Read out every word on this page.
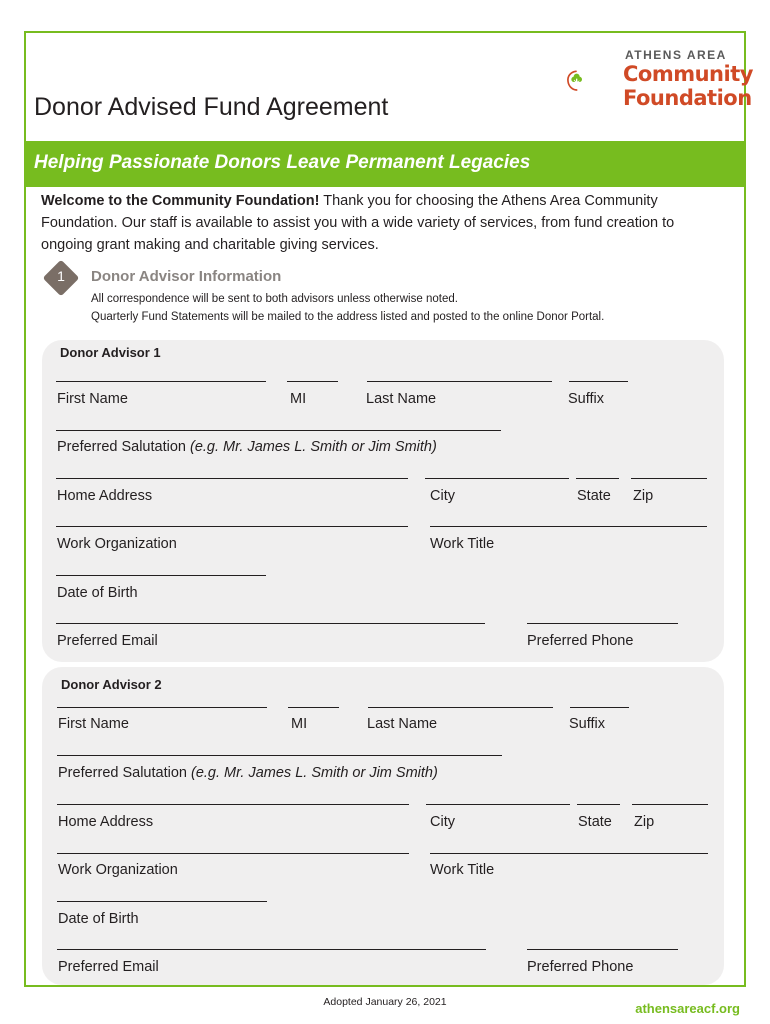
Donor Advised Fund Agreement
ATHENS AREA
Community
Foundation
Helping Passionate Donors Leave Permanent Legacies
Welcome to the Community Foundation! Thank you for choosing the Athens Area Community Foundation. Our staff is available to assist you with a wide variety of services, from fund creation to ongoing grant making and charitable giving services.
1	Donor Advisor Information
All correspondence will be sent to both advisors unless otherwise noted.
Quarterly Fund Statements will be mailed to the address listed and posted to the online Donor Portal.
Donor Advisor 1
First Name	MI	Last Name	Suffix
Preferred Salutation (e.g. Mr. James L. Smith or Jim Smith)
Home Address	City	State Zip
Work Organization	Work Title
Date of Birth
Preferred Email	Preferred Phone
Donor Advisor 2
First Name	MI	Last Name	Suffix
Preferred Salutation (e.g. Mr. James L. Smith or Jim Smith)
Home Address	City	State Zip
Work Organization	Work Title
Date of Birth
Preferred Email	Preferred Phone
Adopted January 26, 2021	athensareacf.org
